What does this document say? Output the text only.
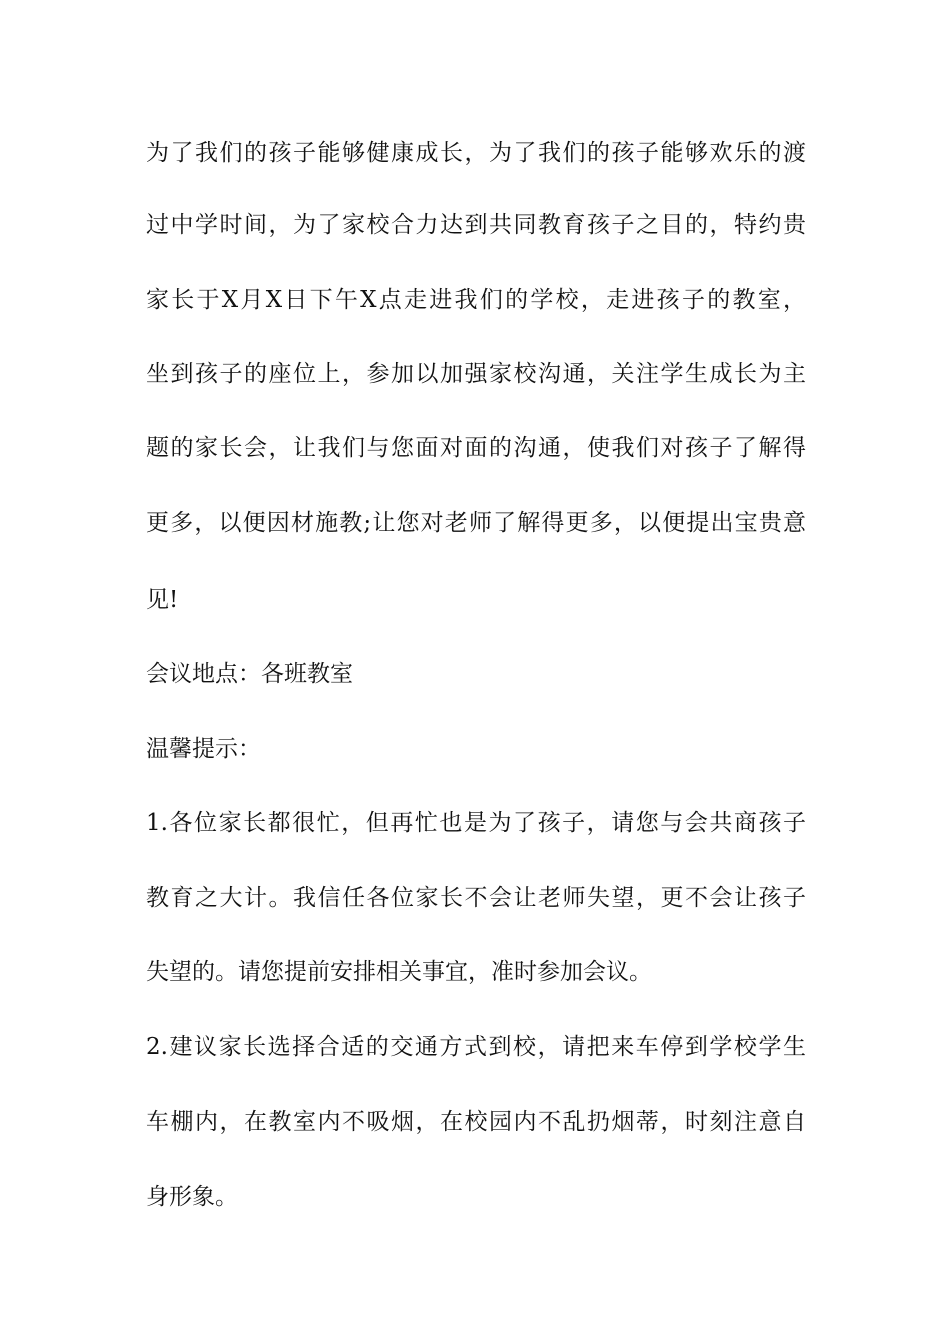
为了我们的孩子能够健康成长，为了我们的孩子能够欢乐的渡
过中学时间，为了家校合力达到共同教育孩子之目的，特约贵
家长于X月X日下午X点走进我们的学校，走进孩子的教室，
坐到孩子的座位上，参加以加强家校沟通，关注学生成长为主
题的家长会，让我们与您面对面的沟通，使我们对孩子了解得
更多，以便因材施教;让您对老师了解得更多，以便提出宝贵意
见!
会议地点：各班教室
温馨提示：
1.各位家长都很忙，但再忙也是为了孩子，请您与会共商孩子
教育之大计。我信任各位家长不会让老师失望，更不会让孩子
失望的。请您提前安排相关事宜，准时参加会议。
2.建议家长选择合适的交通方式到校，请把来车停到学校学生
车棚内，在教室内不吸烟，在校园内不乱扔烟蒂，时刻注意自
身形象。
